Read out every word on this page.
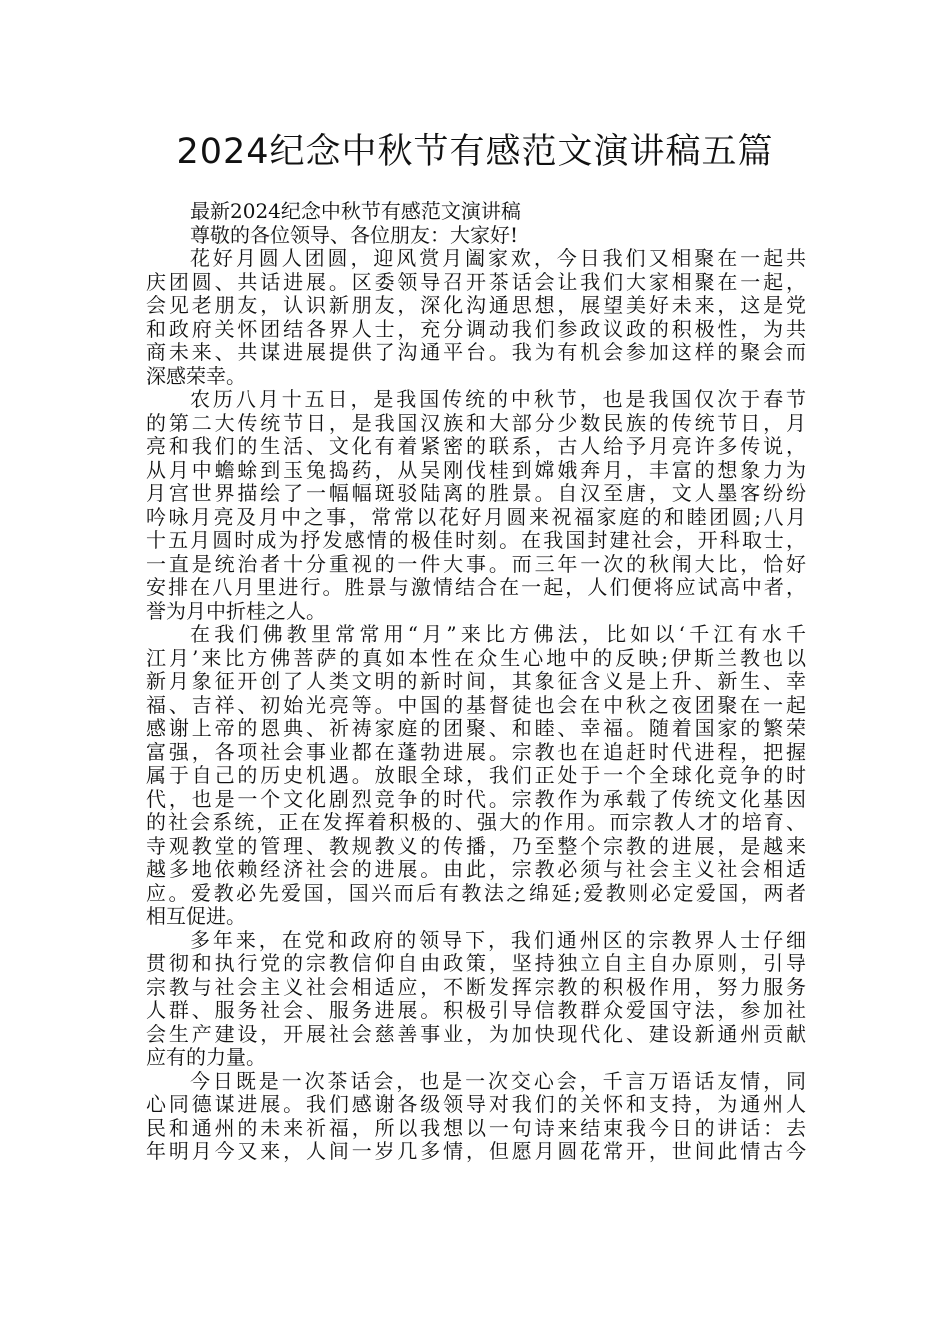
2024纪念中秋节有感范文演讲稿五篇
最新2024纪念中秋节有感范文演讲稿
尊敬的各位领导、各位朋友：大家好!
花好月圆人团圆，迎风赏月阖家欢，今日我们又相聚在一起共
庆团圆、共话进展。区委领导召开茶话会让我们大家相聚在一起，
会见老朋友，认识新朋友，深化沟通思想，展望美好未来，这是党
和政府关怀团结各界人士，充分调动我们参政议政的积极性，为共
商未来、共谋进展提供了沟通平台。我为有机会参加这样的聚会而
深感荣幸。
农历八月十五日，是我国传统的中秋节，也是我国仅次于春节
的第二大传统节日，是我国汉族和大部分少数民族的传统节日，月
亮和我们的生活、文化有着紧密的联系，古人给予月亮许多传说，
从月中蟾蜍到玉兔捣药，从吴刚伐桂到嫦娥奔月，丰富的想象力为
月宫世界描绘了一幅幅斑驳陆离的胜景。自汉至唐，文人墨客纷纷
吟咏月亮及月中之事，常常以花好月圆来祝福家庭的和睦团圆;八月
十五月圆时成为抒发感情的极佳时刻。在我国封建社会，开科取士，
一直是统治者十分重视的一件大事。而三年一次的秋闱大比，恰好
安排在八月里进行。胜景与激情结合在一起，人们便将应试高中者，
誉为月中折桂之人。
在我们佛教里常常用“月”来比方佛法，比如以‘千江有水千
江月’来比方佛菩萨的真如本性在众生心地中的反映;伊斯兰教也以
新月象征开创了人类文明的新时间，其象征含义是上升、新生、幸
福、吉祥、初始光亮等。中国的基督徒也会在中秋之夜团聚在一起
感谢上帝的恩典、祈祷家庭的团聚、和睦、幸福。随着国家的繁荣
富强，各项社会事业都在蓬勃进展。宗教也在追赶时代进程，把握
属于自己的历史机遇。放眼全球，我们正处于一个全球化竞争的时
代，也是一个文化剧烈竞争的时代。宗教作为承载了传统文化基因
的社会系统，正在发挥着积极的、强大的作用。而宗教人才的培育、
寺观教堂的管理、教规教义的传播，乃至整个宗教的进展，是越来
越多地依赖经济社会的进展。由此，宗教必须与社会主义社会相适
应。爱教必先爱国，国兴而后有教法之绵延;爱教则必定爱国，两者
相互促进。
多年来，在党和政府的领导下，我们通州区的宗教界人士仔细
贯彻和执行党的宗教信仰自由政策，坚持独立自主自办原则，引导
宗教与社会主义社会相适应，不断发挥宗教的积极作用，努力服务
人群、服务社会、服务进展。积极引导信教群众爱国守法，参加社
会生产建设，开展社会慈善事业，为加快现代化、建设新通州贡献
应有的力量。
今日既是一次茶话会，也是一次交心会，千言万语话友情，同
心同德谋进展。我们感谢各级领导对我们的关怀和支持，为通州人
民和通州的未来祈福，所以我想以一句诗来结束我今日的讲话：去
年明月今又来，人间一岁几多情，但愿月圆花常开，世间此情古今
